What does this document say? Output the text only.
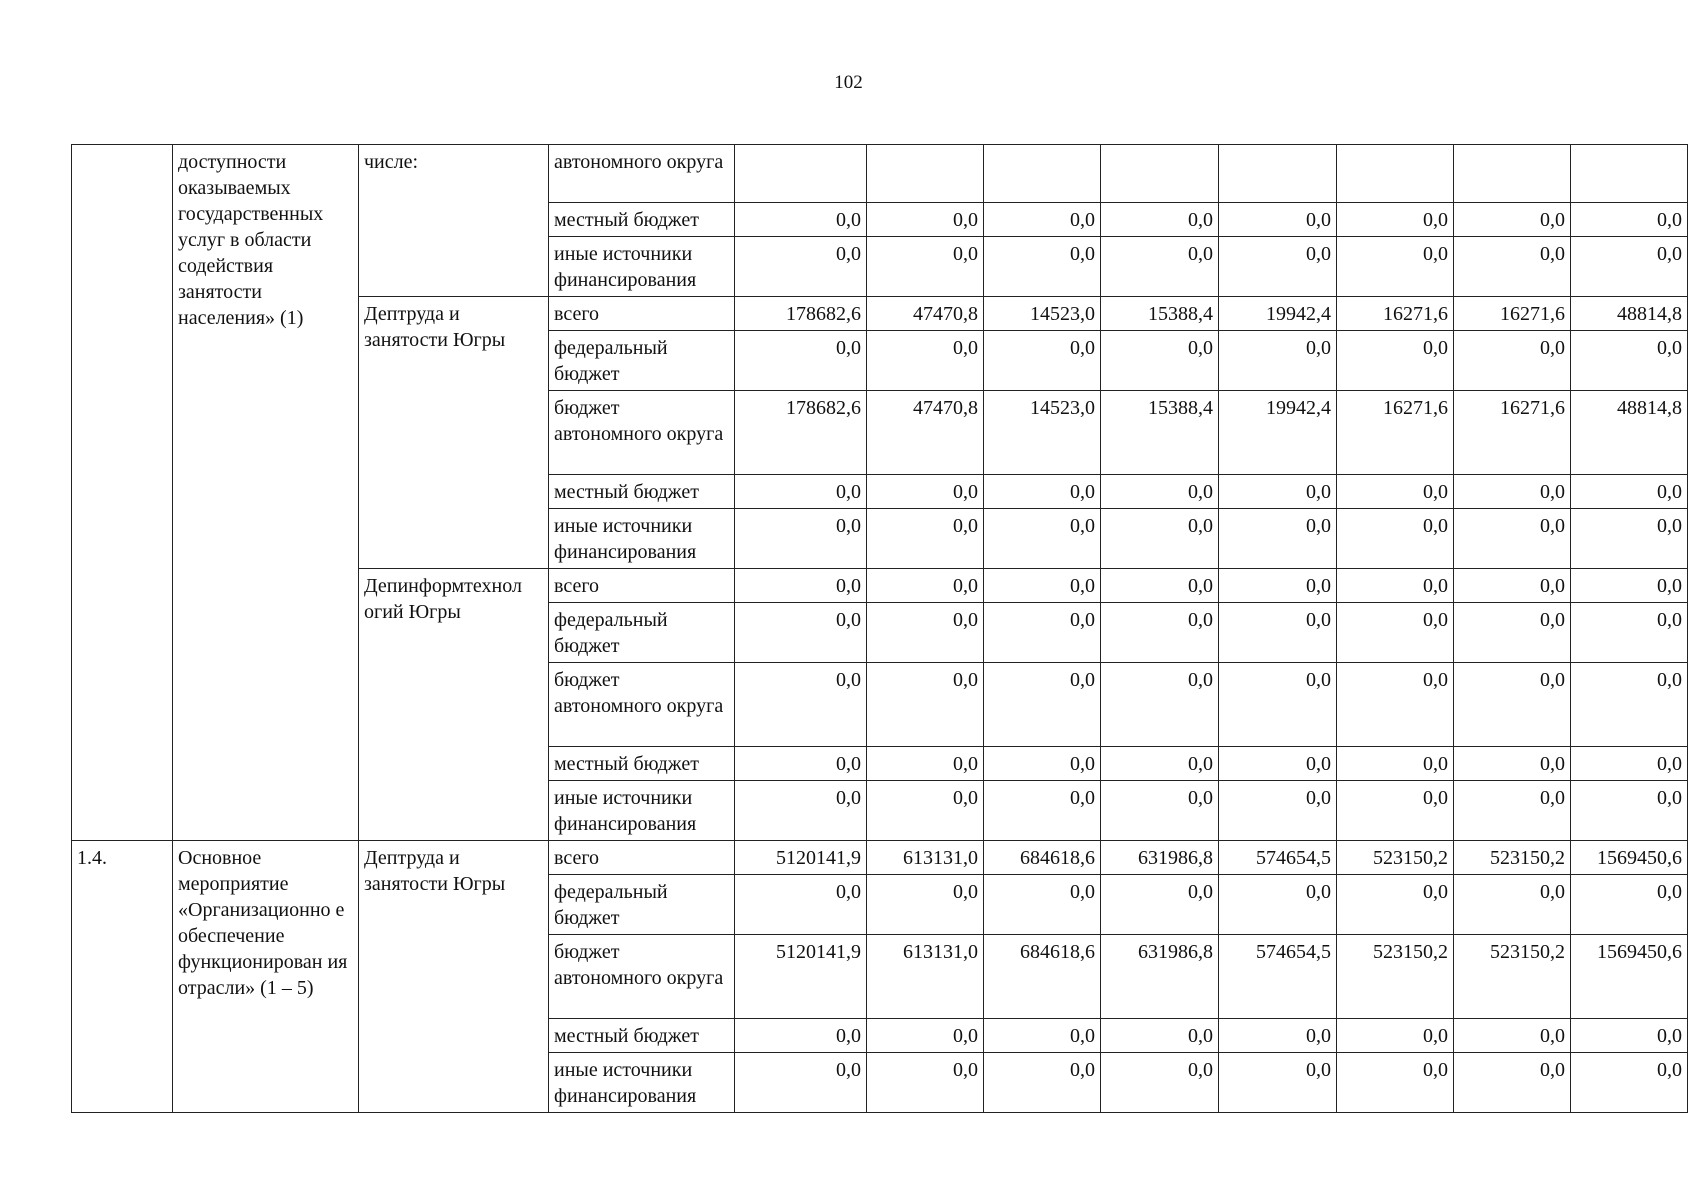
102
	доступности оказываемых государственных услуг в области содействия занятости населения» (1)	числе:	автономного округа								
			местный бюджет	0,0	0,0	0,0	0,0	0,0	0,0	0,0	0,0
			иные источники финансирования	0,0	0,0	0,0	0,0	0,0	0,0	0,0	0,0
		Дептруда и занятости Югры	всего	178682,6	47470,8	14523,0	15388,4	19942,4	16271,6	16271,6	48814,8
			федеральный бюджет	0,0	0,0	0,0	0,0	0,0	0,0	0,0	0,0
			бюджет автономного округа	178682,6	47470,8	14523,0	15388,4	19942,4	16271,6	16271,6	48814,8
			местный бюджет	0,0	0,0	0,0	0,0	0,0	0,0	0,0	0,0
			иные источники финансирования	0,0	0,0	0,0	0,0	0,0	0,0	0,0	0,0
		Депинформтехнол огий Югры	всего	0,0	0,0	0,0	0,0	0,0	0,0	0,0	0,0
			федеральный бюджет	0,0	0,0	0,0	0,0	0,0	0,0	0,0	0,0
			бюджет автономного округа	0,0	0,0	0,0	0,0	0,0	0,0	0,0	0,0
			местный бюджет	0,0	0,0	0,0	0,0	0,0	0,0	0,0	0,0
			иные источники финансирования	0,0	0,0	0,0	0,0	0,0	0,0	0,0	0,0
1.4.	Основное мероприятие «Организационно е обеспечение функционирован ия отрасли» (1 – 5)	Дептруда и занятости Югры	всего	5120141,9	613131,0	684618,6	631986,8	574654,5	523150,2	523150,2	1569450,6
			федеральный бюджет	0,0	0,0	0,0	0,0	0,0	0,0	0,0	0,0
			бюджет автономного округа	5120141,9	613131,0	684618,6	631986,8	574654,5	523150,2	523150,2	1569450,6
			местный бюджет	0,0	0,0	0,0	0,0	0,0	0,0	0,0	0,0
			иные источники финансирования	0,0	0,0	0,0	0,0	0,0	0,0	0,0	0,0
